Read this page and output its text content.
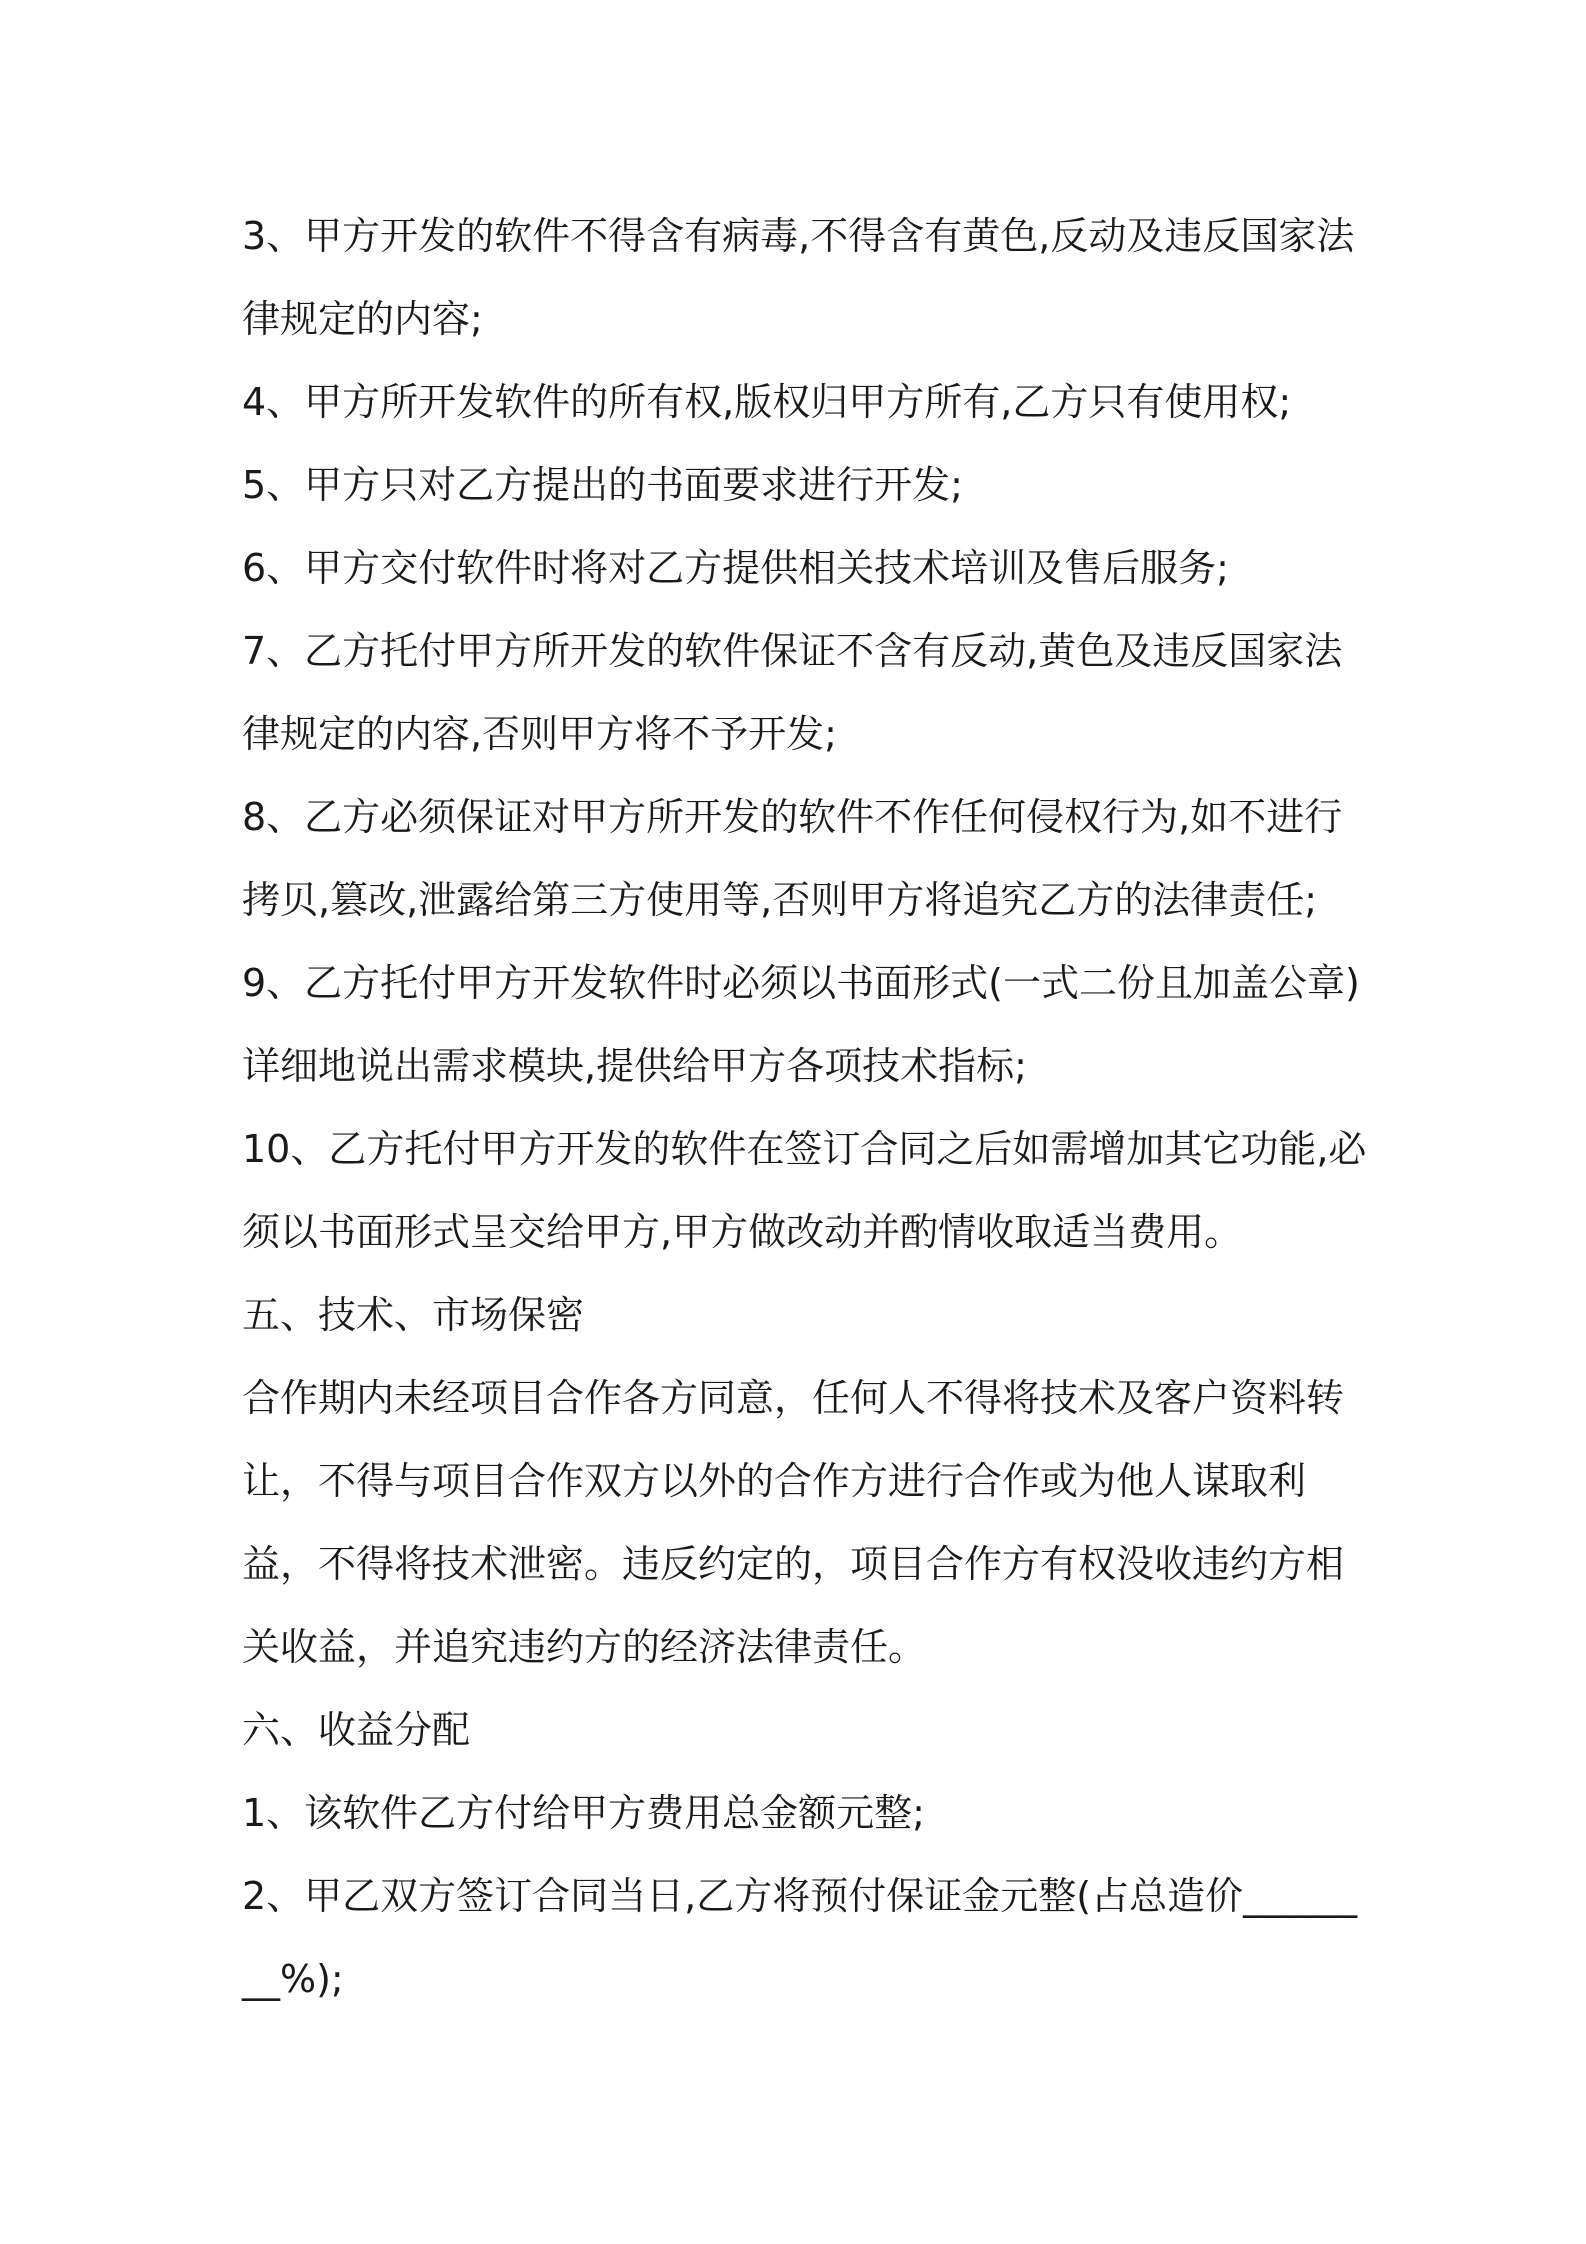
3、甲方开发的软件不得含有病毒,不得含有黄色,反动及违反国家法律规定的内容;

4、甲方所开发软件的所有权,版权归甲方所有,乙方只有使用权;

5、甲方只对乙方提出的书面要求进行开发;

6、甲方交付软件时将对乙方提供相关技术培训及售后服务;

7、乙方托付甲方所开发的软件保证不含有反动,黄色及违反国家法律规定的内容,否则甲方将不予开发;

8、乙方必须保证对甲方所开发的软件不作任何侵权行为,如不进行拷贝,篡改,泄露给第三方使用等,否则甲方将追究乙方的法律责任;

9、乙方托付甲方开发软件时必须以书面形式(一式二份且加盖公章)详细地说出需求模块,提供给甲方各项技术指标;

10、乙方托付甲方开发的软件在签订合同之后如需增加其它功能,必须以书面形式呈交给甲方,甲方做改动并酌情收取适当费用。

五、技术、市场保密

合作期内未经项目合作各方同意，任何人不得将技术及客户资料转让，不得与项目合作双方以外的合作方进行合作或为他人谋取利益，不得将技术泄密。违反约定的，项目合作方有权没收违约方相关收益，并追究违约方的经济法律责任。

六、收益分配

1、该软件乙方付给甲方费用总金额元整;

2、甲乙双方签订合同当日,乙方将预付保证金元整(占总造价________%);
